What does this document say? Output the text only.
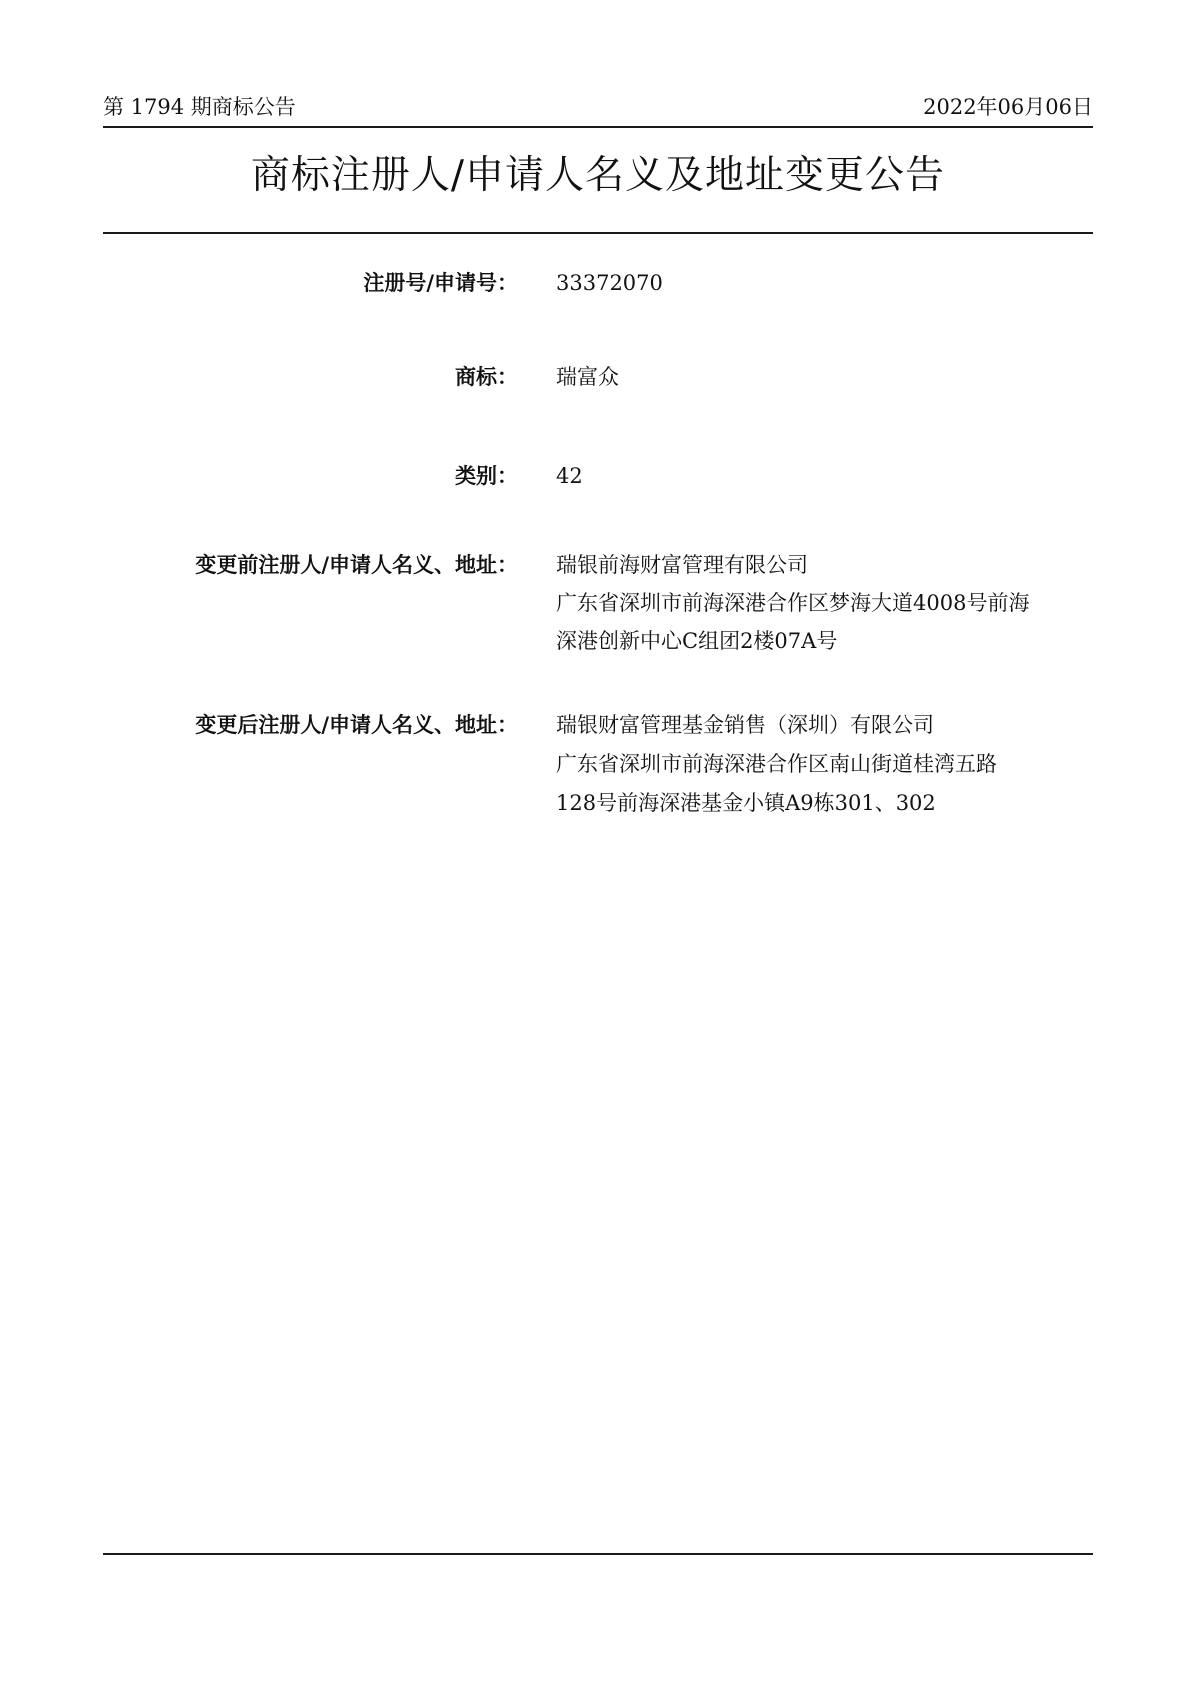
第 1794 期商标公告	2022年06月06日
商标注册人/申请人名义及地址变更公告
注册号/申请号： 33372070
商标： 瑞富众
类别： 42
变更前注册人/申请人名义、地址： 瑞银前海财富管理有限公司
广东省深圳市前海深港合作区梦海大道4008号前海
深港创新中心C组团2楼07A号
变更后注册人/申请人名义、地址： 瑞银财富管理基金销售（深圳）有限公司
广东省深圳市前海深港合作区南山街道桂湾五路
128号前海深港基金小镇A9栋301、302
